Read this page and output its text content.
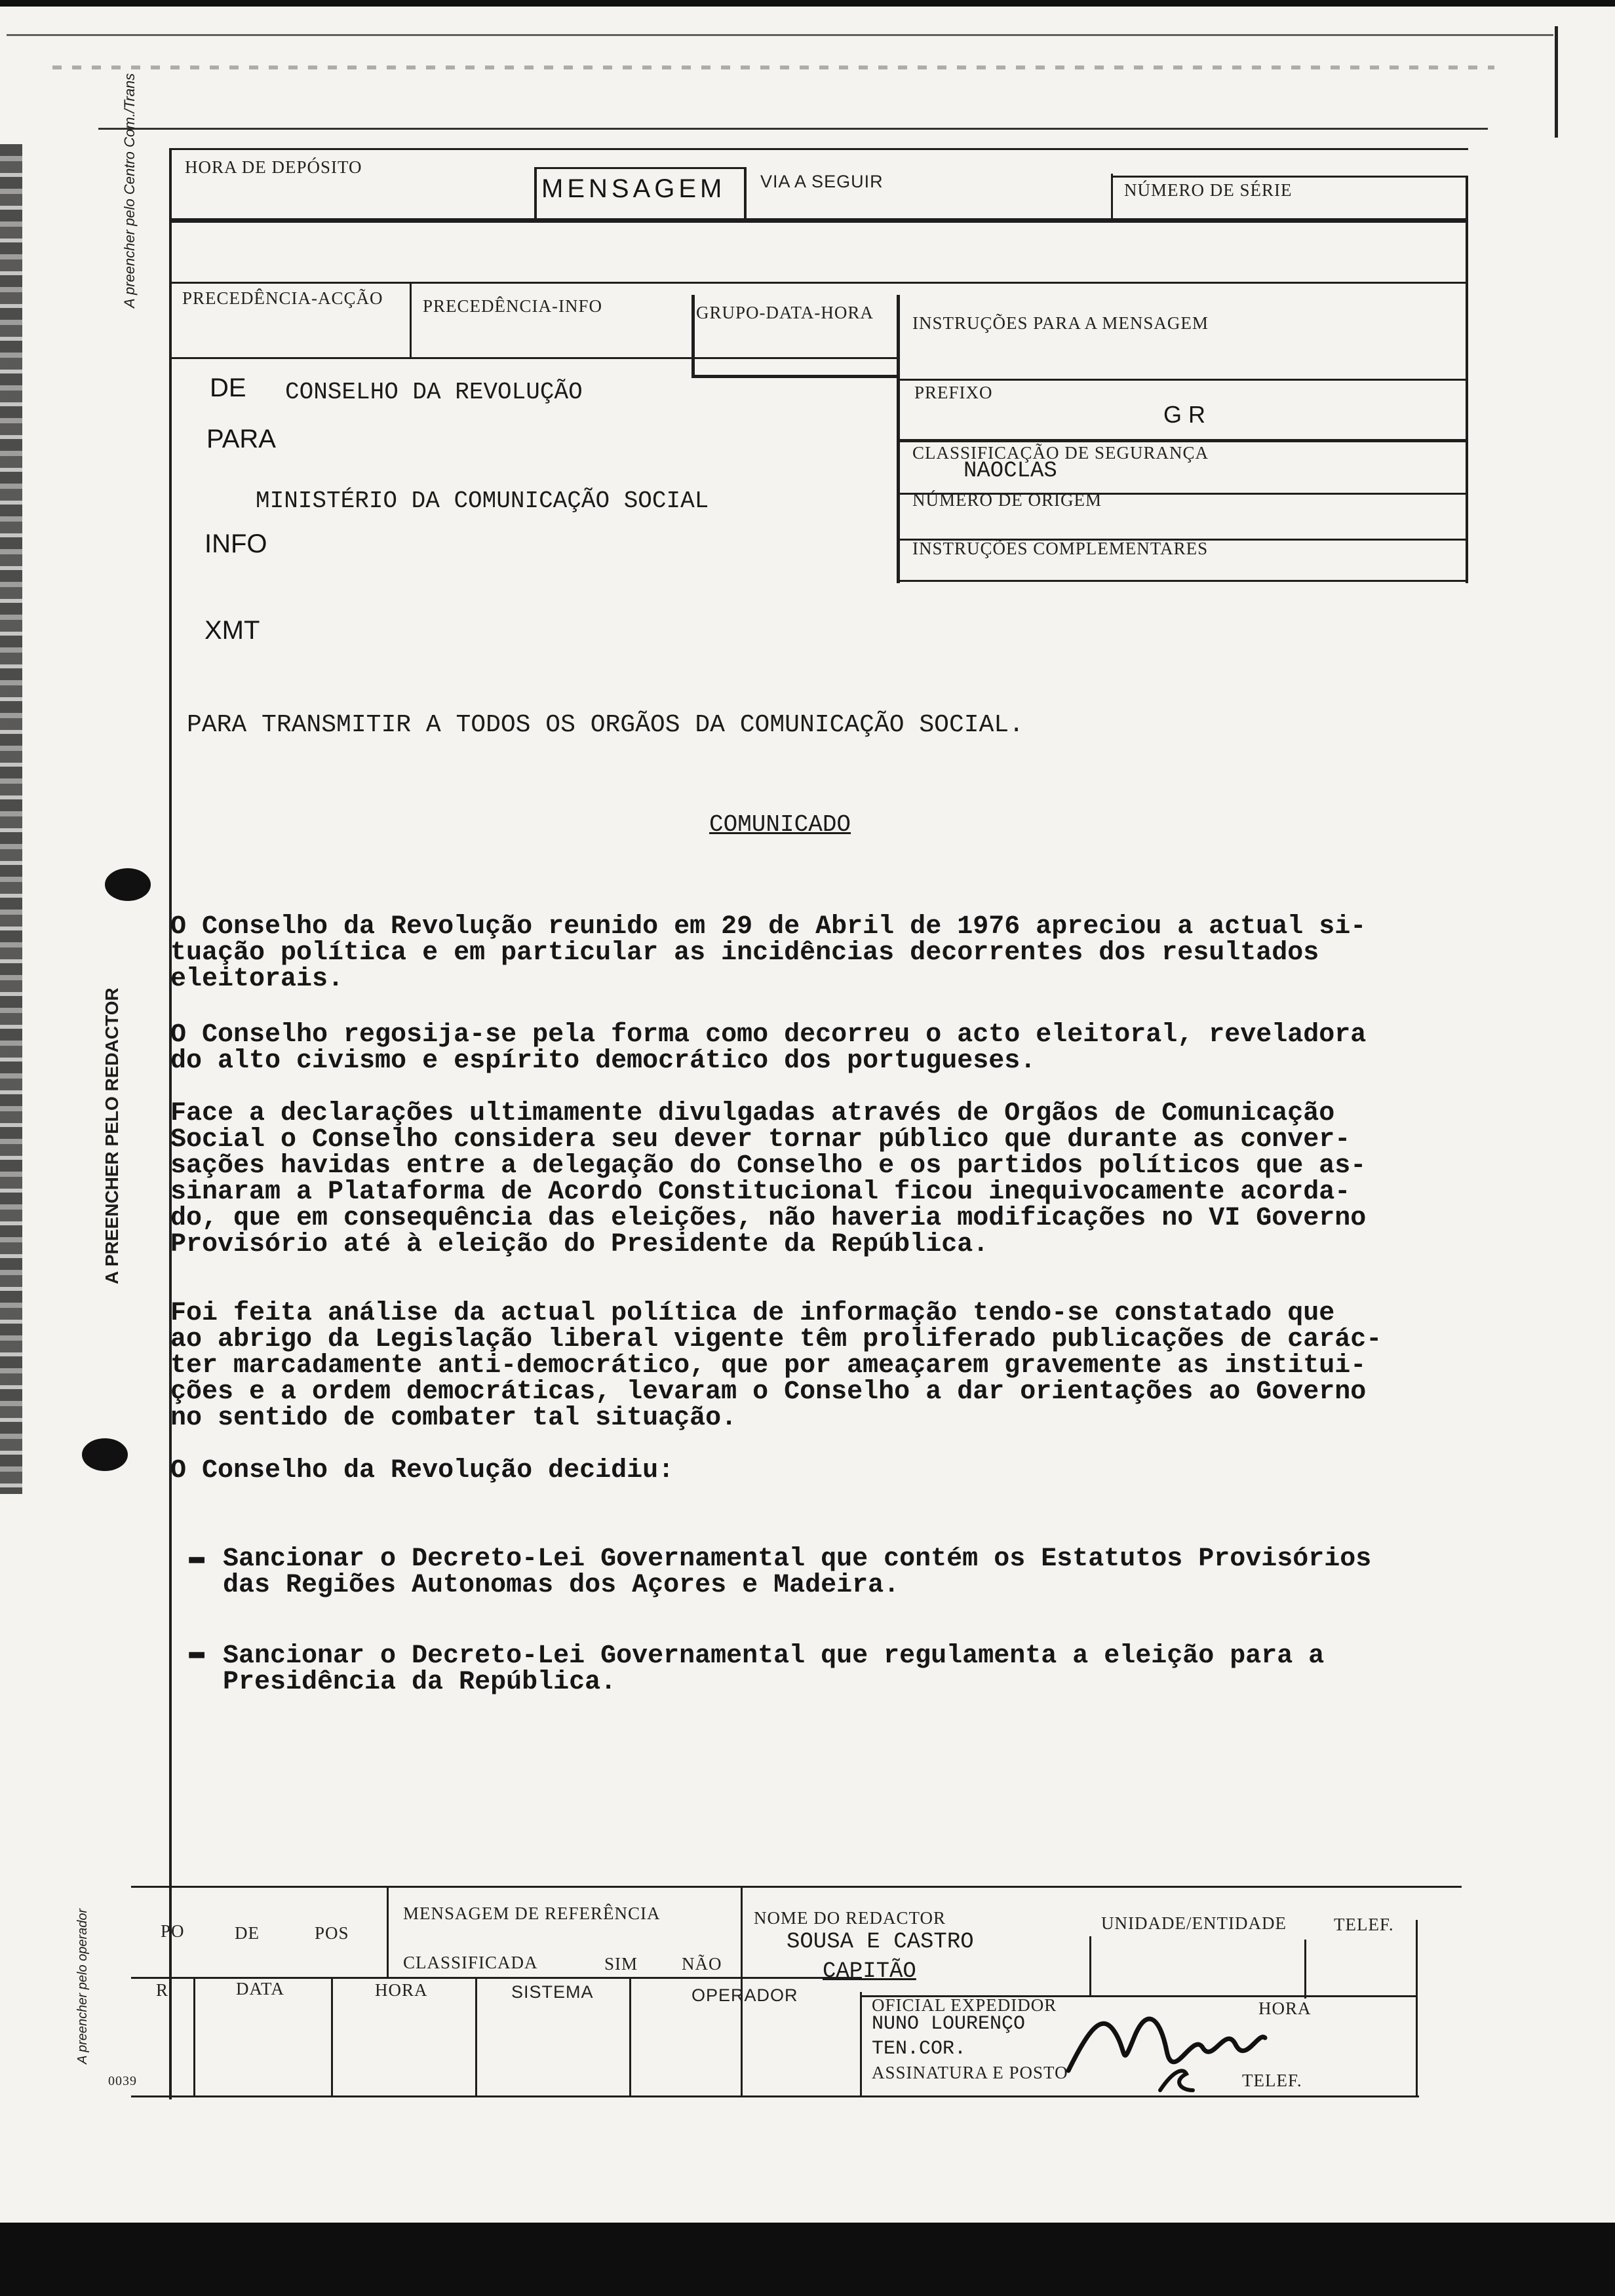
A preencher pelo Centro Com./Trans
A PREENCHER PELO REDACTOR
A preencher pelo operador
0039
HORA DE DEPÓSITO
MENSAGEM VIA A SEGUIR	NÚMERO DE SÉRIE
PRECEDÊNCIA-ACÇÃO PRECEDÊNCIA-INFO	GRUPO-DATA-HORA
INSTRUÇÕES PARA A MENSAGEM
PREFIXO
G R
CLASSIFICAÇÃO DE SEGURANÇA
NAOCLAS
NÚMERO DE ORIGEM
INSTRUÇÕES COMPLEMENTARES
DE CONSELHO DA REVOLUÇÃO
PARA
MINISTÉRIO DA COMUNICAÇÃO SOCIAL
INFO
XMT
PARA TRANSMITIR A TODOS OS ORGÃOS DA COMUNICAÇÃO SOCIAL.
COMUNICADO
O Conselho da Revolução reunido em 29 de Abril de 1976 apreciou a actual si-
tuação política e em particular as incidências decorrentes dos resultados
eleitorais.
O Conselho regosija-se pela forma como decorreu o acto eleitoral, reveladora
do alto civismo e espírito democrático dos portugueses.
Face a declarações ultimamente divulgadas através de Orgãos de Comunicação
Social o Conselho considera seu dever tornar público que durante as conver-
sações havidas entre a delegação do Conselho e os partidos políticos que as-
sinaram a Plataforma de Acordo Constitucional ficou inequivocamente acorda-
do, que em consequência das eleições, não haveria modificações no VI Governo
Provisório até à eleição do Presidente da República.
Foi feita análise da actual política de informação tendo-se constatado que
ao abrigo da Legislação liberal vigente têm proliferado publicações de carác-
ter marcadamente anti-democrático, que por ameaçarem gravemente as institui-
ções e a ordem democráticas, levaram o Conselho a dar orientações ao Governo
no sentido de combater tal situação.
O Conselho da Revolução decidiu:
▬ Sancionar o Decreto-Lei Governamental que contém os Estatutos Provisórios
das Regiões Autonomas dos Açores e Madeira.
▬ Sancionar o Decreto-Lei Governamental que regulamenta a eleição para a
Presidência da República.
PO	DE	POS
MENSAGEM DE REFERÊNCIA
CLASSIFICADA	SIM NÃO
NOME DO REDACTOR
SOUSA E CASTRO
CAPITÃO
UNIDADE/ENTIDADE	TELEF.
R	DATA	HORA	SISTEMA	OPERADOR	OFICIAL EXPEDIDOR
NUNO LOURENÇO
TEN.COR.
ASSINATURA E POSTO
HORA
TELEF.
